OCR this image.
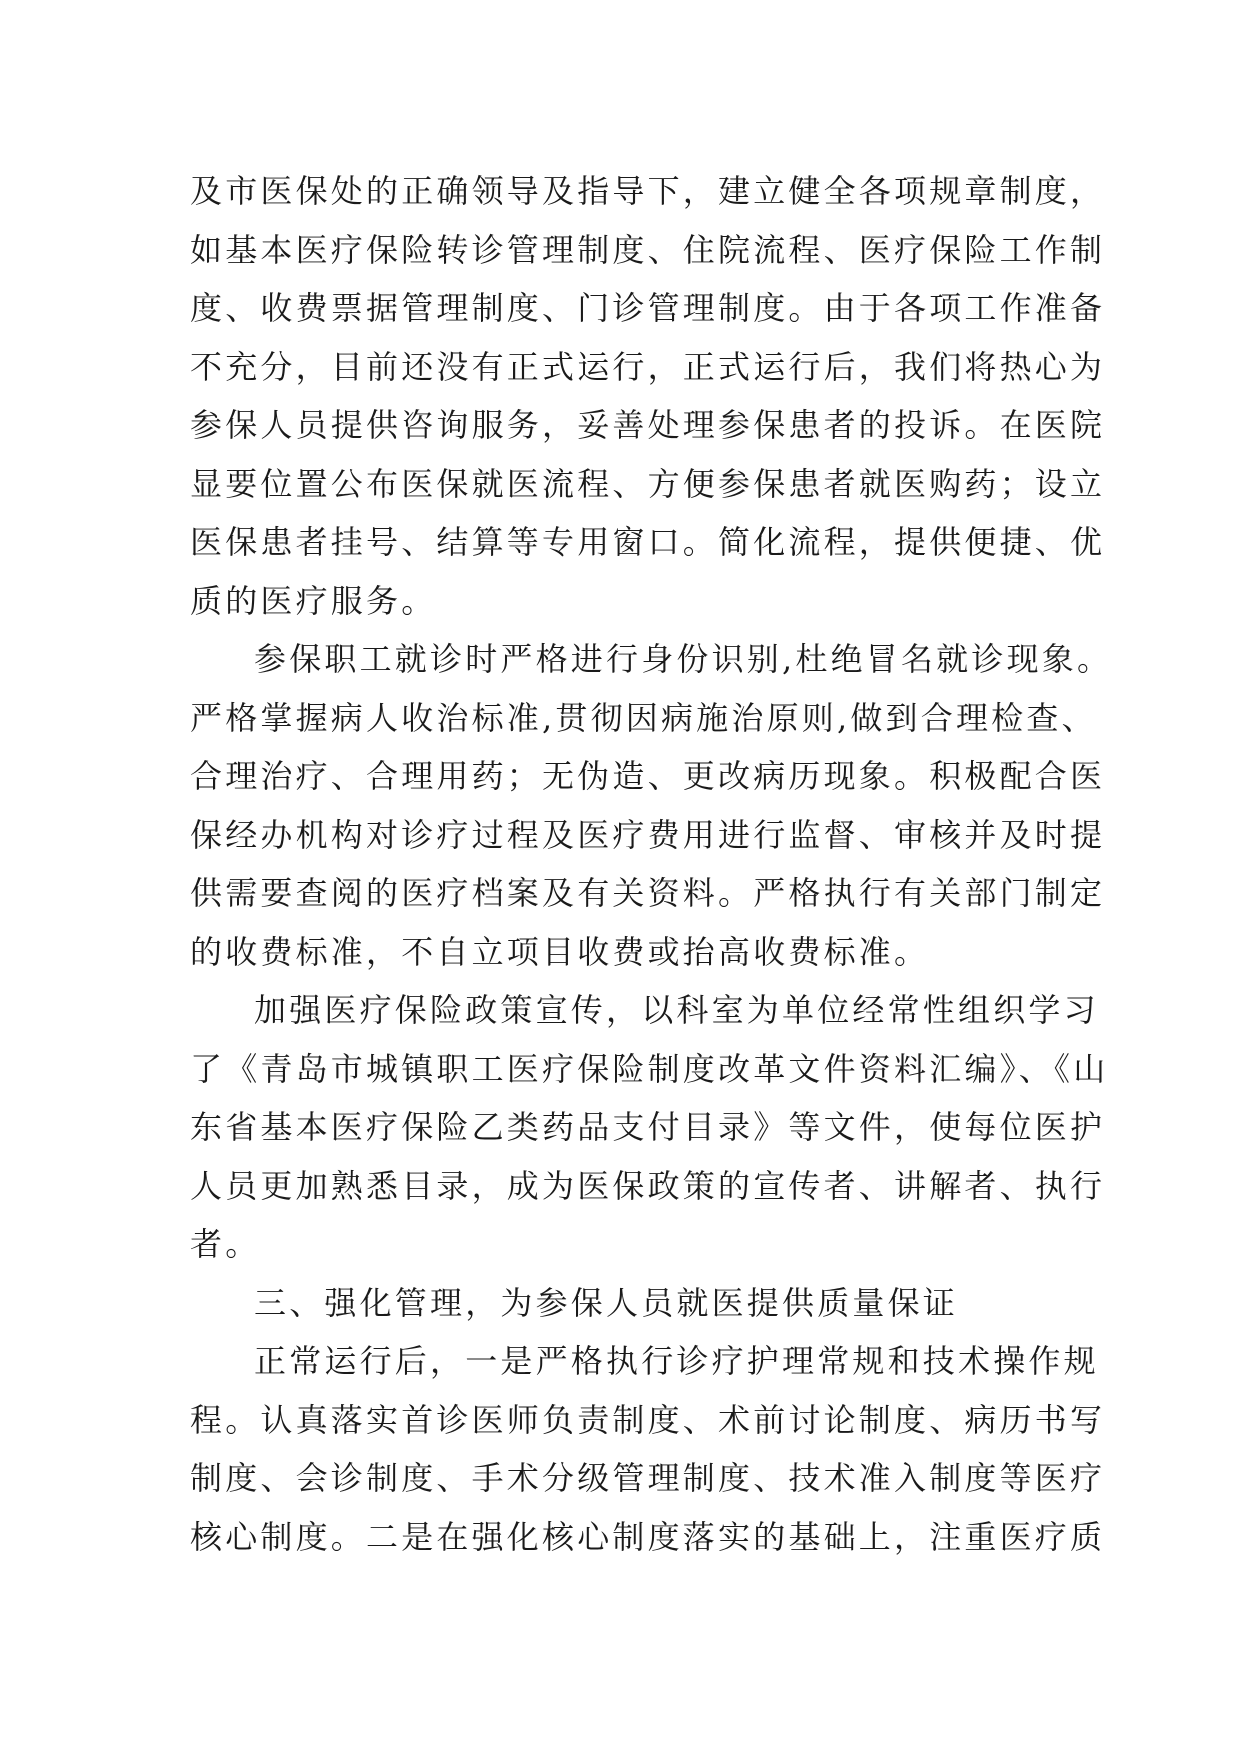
及市医保处的正确领导及指导下，建立健全各项规章制度，
如基本医疗保险转诊管理制度、住院流程、医疗保险工作制
度、收费票据管理制度、门诊管理制度。由于各项工作准备
不充分，目前还没有正式运行，正式运行后，我们将热心为
参保人员提供咨询服务，妥善处理参保患者的投诉。在医院
显要位置公布医保就医流程、方便参保患者就医购药；设立
医保患者挂号、结算等专用窗口。简化流程，提供便捷、优
质的医疗服务。
参保职工就诊时严格进行身份识别,杜绝冒名就诊现象。
严格掌握病人收治标准,贯彻因病施治原则,做到合理检查、
合理治疗、合理用药；无伪造、更改病历现象。积极配合医
保经办机构对诊疗过程及医疗费用进行监督、审核并及时提
供需要查阅的医疗档案及有关资料。严格执行有关部门制定
的收费标准，不自立项目收费或抬高收费标准。
加强医疗保险政策宣传，以科室为单位经常性组织学习
了《青岛市城镇职工医疗保险制度改革文件资料汇编》、《山
东省基本医疗保险乙类药品支付目录》等文件，使每位医护
人员更加熟悉目录，成为医保政策的宣传者、讲解者、执行
者。
三、强化管理，为参保人员就医提供质量保证
正常运行后，一是严格执行诊疗护理常规和技术操作规
程。认真落实首诊医师负责制度、术前讨论制度、病历书写
制度、会诊制度、手术分级管理制度、技术准入制度等医疗
核心制度。二是在强化核心制度落实的基础上，注重医疗质
